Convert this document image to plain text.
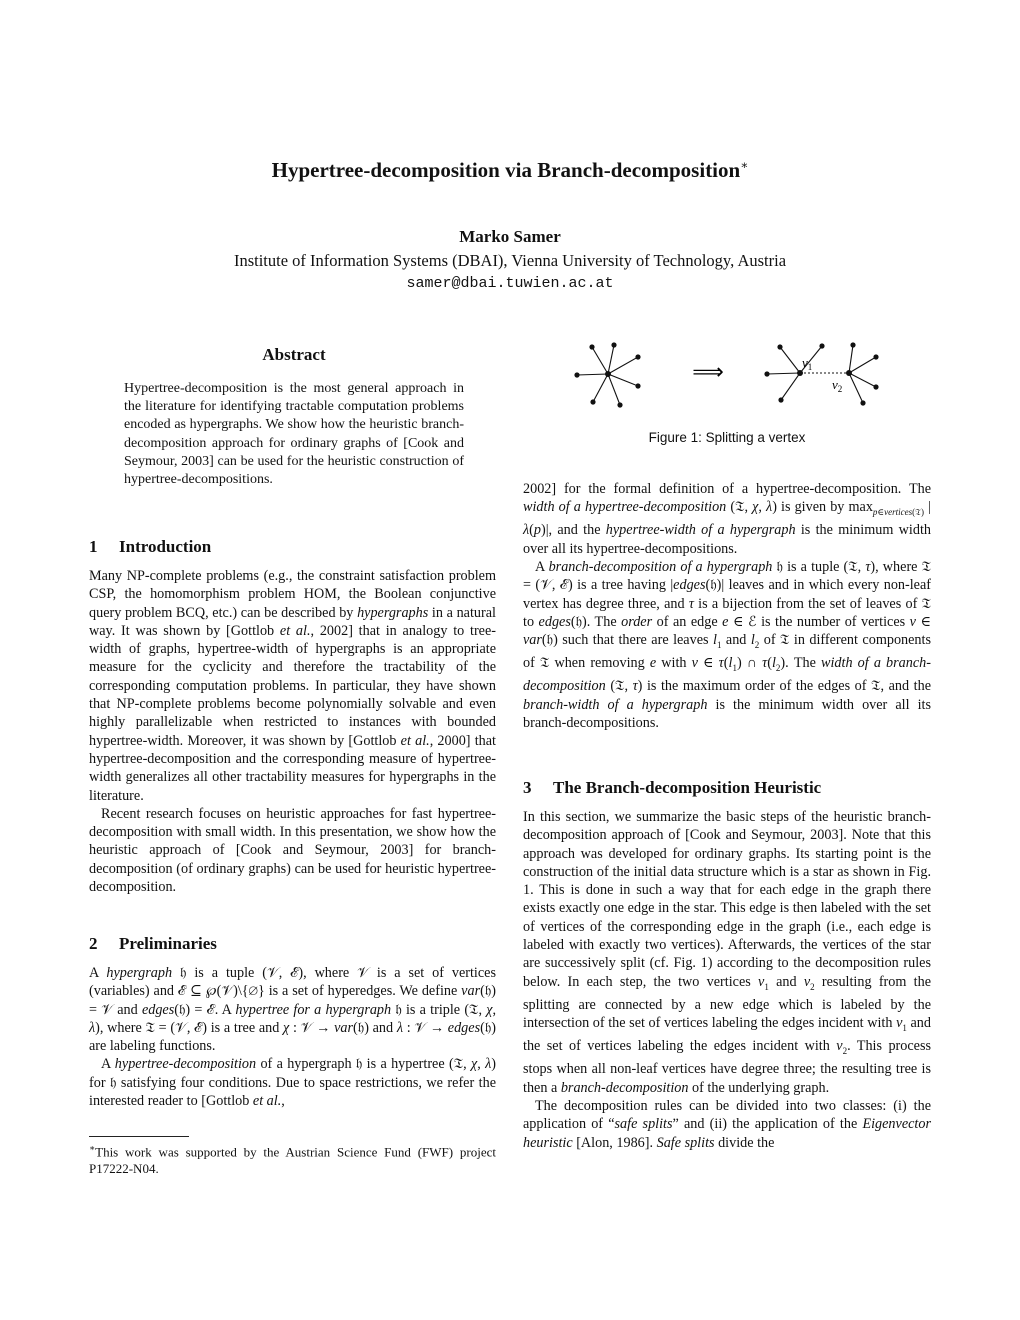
Hypertree-decomposition via Branch-decomposition∗
Marko Samer
Institute of Information Systems (DBAI), Vienna University of Technology, Austria
samer@dbai.tuwien.ac.at
Abstract
Hypertree-decomposition is the most general approach in the literature for identifying tractable computation problems encoded as hypergraphs. We show how the heuristic branch-decomposition approach for ordinary graphs of [Cook and Seymour, 2003] can be used for the heuristic construction of hypertree-decompositions.
1 Introduction

Many NP-complete problems (e.g., the constraint satisfaction problem CSP, the homomorphism problem HOM, the Boolean conjunctive query problem BCQ, etc.) can be described by hypergraphs in a natural way. It was shown by [Gottlob et al., 2002] that in analogy to tree-width of graphs, hypertree-width of hypergraphs is an appropriate measure for the cyclicity and therefore the tractability of the corresponding computation problems. In particular, they have shown that NP-complete problems become polynomially solvable and even highly parallelizable when restricted to instances with bounded hypertree-width. Moreover, it was shown by [Gottlob et al., 2000] that hypertree-decomposition and the corresponding measure of hypertree-width generalizes all other tractability measures for hypergraphs in the literature.

Recent research focuses on heuristic approaches for fast hypertree-decomposition with small width. In this presentation, we show how the heuristic approach of [Cook and Seymour, 2003] for branch-decomposition (of ordinary graphs) can be used for heuristic hypertree-decomposition.

2 Preliminaries

A hypergraph 𝔥 is a tuple (𝒱, ℰ), where 𝒱 is a set of vertices (variables) and ℰ ⊆ ℘(𝒱)\{∅} is a set of hyperedges. We define var(𝔥) = 𝒱 and edges(𝔥) = ℰ. A hypertree for a hypergraph 𝔥 is a triple (𝔗, χ, λ), where 𝔗 = (𝒱, ℰ) is a tree and χ : 𝒱 → var(𝔥) and λ : 𝒱 → edges(𝔥) are labeling functions.

A hypertree-decomposition of a hypergraph 𝔥 is a hypertree (𝔗, χ, λ) for 𝔥 satisfying four conditions. Due to space restrictions, we refer the interested reader to [Gottlob et al.,

∗This work was supported by the Austrian Science Fund (FWF) project P17222-N04.
⟹	$v_1$
$v_2$
Figure 1: Splitting a vertex

2002] for the formal definition of a hypertree-decomposition. The width of a hypertree-decomposition (𝔗, χ, λ) is given by $\max_{p\in vertices(𝔗)} |\lambda(p)|$, and the hypertree-width of a hypergraph is the minimum width over all its hypertree-decompositions.

A branch-decomposition of a hypergraph 𝔥 is a tuple (𝔗, τ), where 𝔗 = (𝒱, ℰ) is a tree having |edges(𝔥)| leaves and in which every non-leaf vertex has degree three, and τ is a bijection from the set of leaves of 𝔗 to edges(𝔥). The order of an edge e ∈ ℰ is the number of vertices v ∈ var(𝔥) such that there are leaves $l_1$ and $l_2$ of 𝔗 in different components of 𝔗 when removing e with v ∈ $\tau(l_1)$ ∩ $\tau(l_2)$. The width of a branch-decomposition (𝔗, τ) is the maximum order of the edges of 𝔗, and the branch-width of a hypergraph is the minimum width over all its branch-decompositions.

3 The Branch-decomposition Heuristic

In this section, we summarize the basic steps of the heuristic branch-decomposition approach of [Cook and Seymour, 2003]. Note that this approach was developed for ordinary graphs. Its starting point is the construction of the initial data structure which is a star as shown in Fig. 1. This is done in such a way that for each edge in the graph there exists exactly one edge in the star. This edge is then labeled with the set of vertices of the corresponding edge in the graph (i.e., each edge is labeled with exactly two vertices). Afterwards, the vertices of the star are successively split (cf. Fig. 1) according to the decomposition rules below. In each step, the two vertices $v_1$ and $v_2$ resulting from the splitting are connected by a new edge which is labeled by the intersection of the set of vertices labeling the edges incident with $v_1$ and the set of vertices labeling the edges incident with $v_2$. This process stops when all non-leaf vertices have degree three; the resulting tree is then a branch-decomposition of the underlying graph.

The decomposition rules can be divided into two classes: (i) the application of “safe splits” and (ii) the application of the Eigenvector heuristic [Alon, 1986]. Safe splits divide the
